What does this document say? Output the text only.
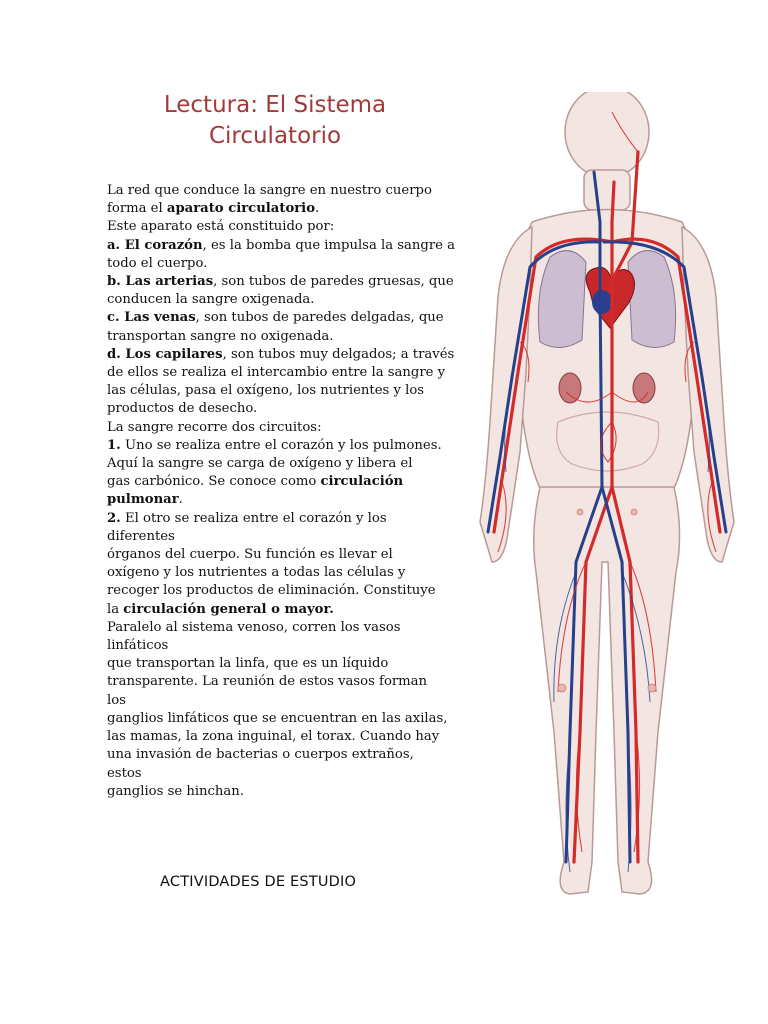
Lectura: El Sistema
Circulatorio
La red que conduce la sangre en nuestro cuerpo
forma el aparato circulatorio.
Este aparato está constituido por:
a. El corazón, es la bomba que impulsa la sangre a
todo el cuerpo.
b. Las arterias, son tubos de paredes gruesas, que
conducen la sangre oxigenada.
c. Las venas, son tubos de paredes delgadas, que
transportan sangre no oxigenada.
d. Los capilares, son tubos muy delgados; a través
de ellos se realiza el intercambio entre la sangre y
las células, pasa el oxígeno, los nutrientes y los
productos de desecho.
La sangre recorre dos circuitos:
1. Uno se realiza entre el corazón y los pulmones.
Aquí la sangre se carga de oxígeno y libera el
gas carbónico. Se conoce como circulación
pulmonar.
2. El otro se realiza entre el corazón y los
diferentes
órganos del cuerpo. Su función es llevar el
oxígeno y los nutrientes a todas las células y
recoger los productos de eliminación. Constituye
la circulación general o mayor.
Paralelo al sistema venoso, corren los vasos
linfáticos
que transportan la linfa, que es un líquido
transparente. La reunión de estos vasos forman
los
ganglios linfáticos que se encuentran en las axilas,
las mamas, la zona inguinal, el torax. Cuando hay
una invasión de bacterias o cuerpos extraños,
estos
ganglios se hinchan.
ACTIVIDADES DE ESTUDIO
